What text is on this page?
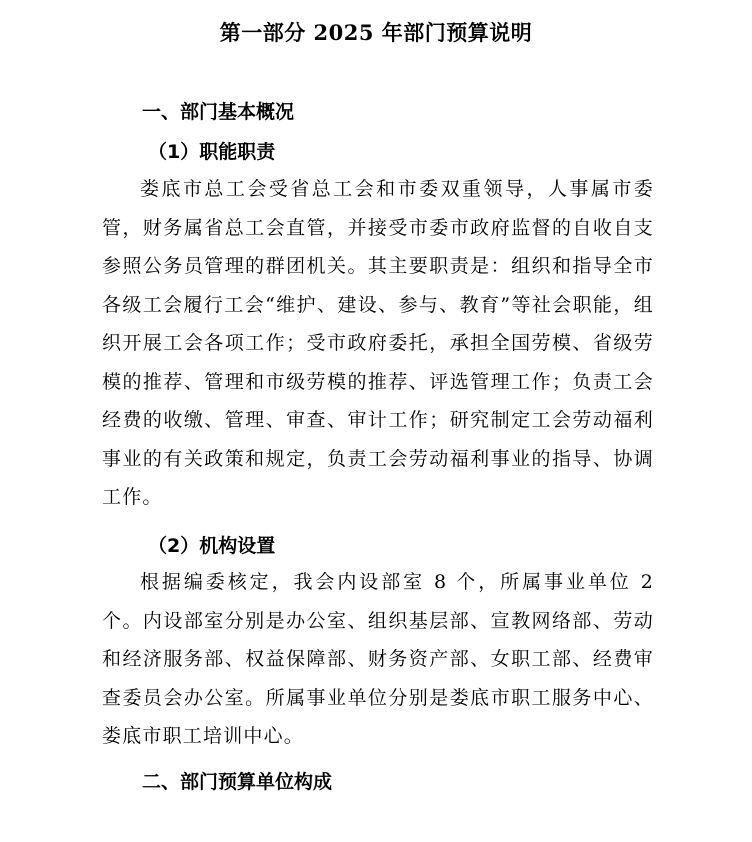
第一部分 2025 年部门预算说明
一、部门基本概况
（1）职能职责

娄底市总工会受省总工会和市委双重领导，人事属市委管，财务属省总工会直管，并接受市委市政府监督的自收自支参照公务员管理的群团机关。其主要职责是：组织和指导全市各级工会履行工会“维护、建设、参与、教育”等社会职能，组织开展工会各项工作；受市政府委托，承担全国劳模、省级劳模的推荐、管理和市级劳模的推荐、评选管理工作；负责工会经费的收缴、管理、审查、审计工作；研究制定工会劳动福利事业的有关政策和规定，负责工会劳动福利事业的指导、协调工作。

（2）机构设置

根据编委核定，我会内设部室 8 个，所属事业单位 2 个。内设部室分别是办公室、组织基层部、宣教网络部、劳动和经济服务部、权益保障部、财务资产部、女职工部、经费审查委员会办公室。所属事业单位分别是娄底市职工服务中心、娄底市职工培训中心。

二、部门预算单位构成
